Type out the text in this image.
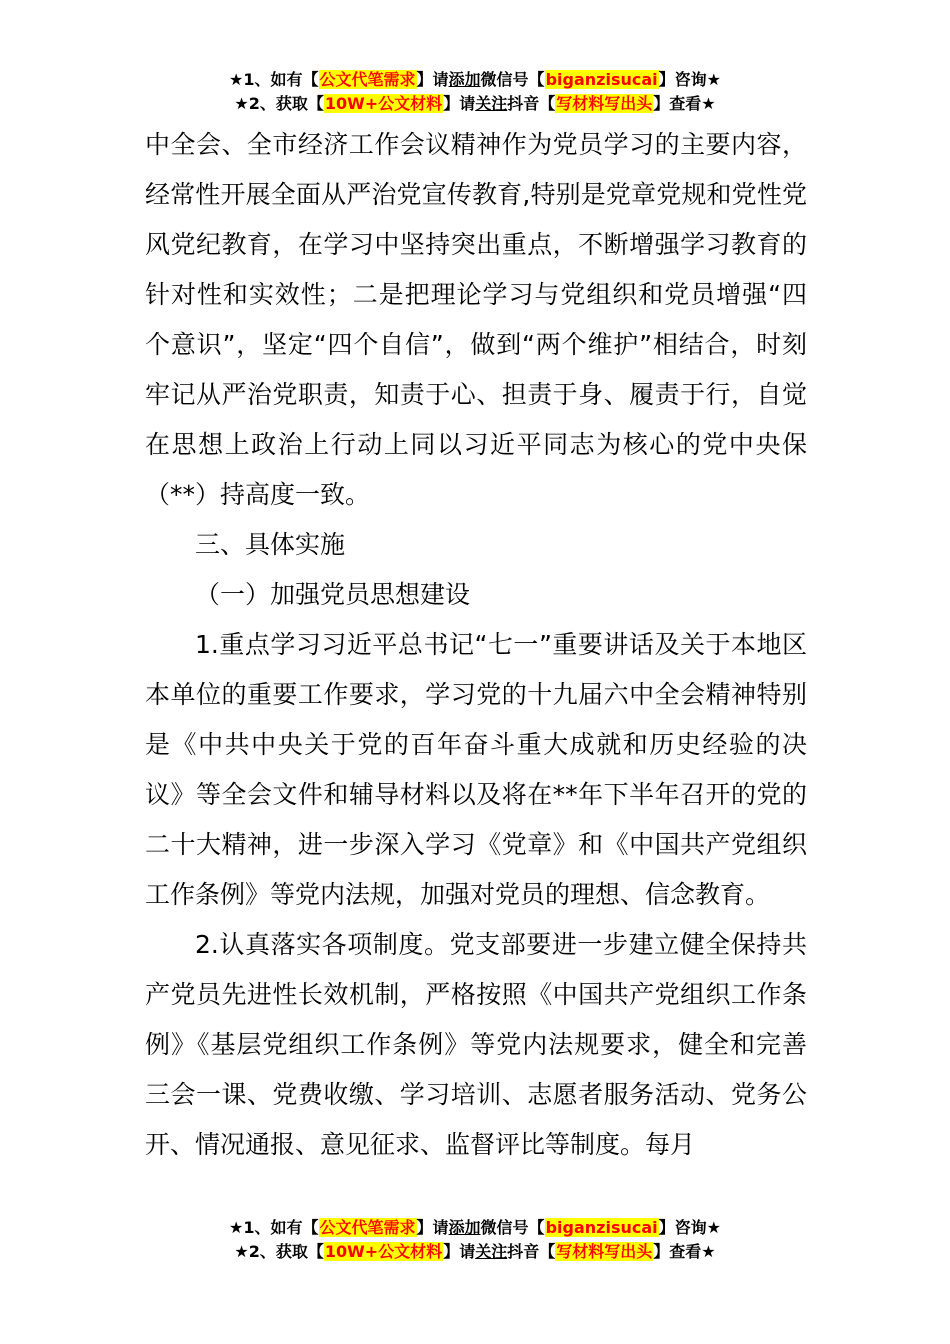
★1、如有【公文代笔需求】请添加微信号【biganzisucai】咨询★
★2、获取【10W+公文材料】请关注抖音【写材料写出头】查看★

中全会、全市经济工作会议精神作为党员学习的主要内容，经常性开展全面从严治党宣传教育,特别是党章党规和党性党风党纪教育，在学习中坚持突出重点，不断增强学习教育的针对性和实效性；二是把理论学习与党组织和党员增强“四个意识”，坚定“四个自信”，做到“两个维护”相结合，时刻牢记从严治党职责，知责于心、担责于身、履责于行，自觉在思想上政治上行动上同以习近平同志为核心的党中央保（**）持高度一致。

三、具体实施

（一）加强党员思想建设

1.重点学习习近平总书记“七一”重要讲话及关于本地区本单位的重要工作要求，学习党的十九届六中全会精神特别是《中共中央关于党的百年奋斗重大成就和历史经验的决议》等全会文件和辅导材料以及将在**年下半年召开的党的二十大精神，进一步深入学习《党章》和《中国共产党组织工作条例》等党内法规，加强对党员的理想、信念教育。

2.认真落实各项制度。党支部要进一步建立健全保持共产党员先进性长效机制，严格按照《中国共产党组织工作条例》《基层党组织工作条例》等党内法规要求，健全和完善三会一课、党费收缴、学习培训、志愿者服务活动、党务公开、情况通报、意见征求、监督评比等制度。每月

★1、如有【公文代笔需求】请添加微信号【biganzisucai】咨询★
★2、获取【10W+公文材料】请关注抖音【写材料写出头】查看★
